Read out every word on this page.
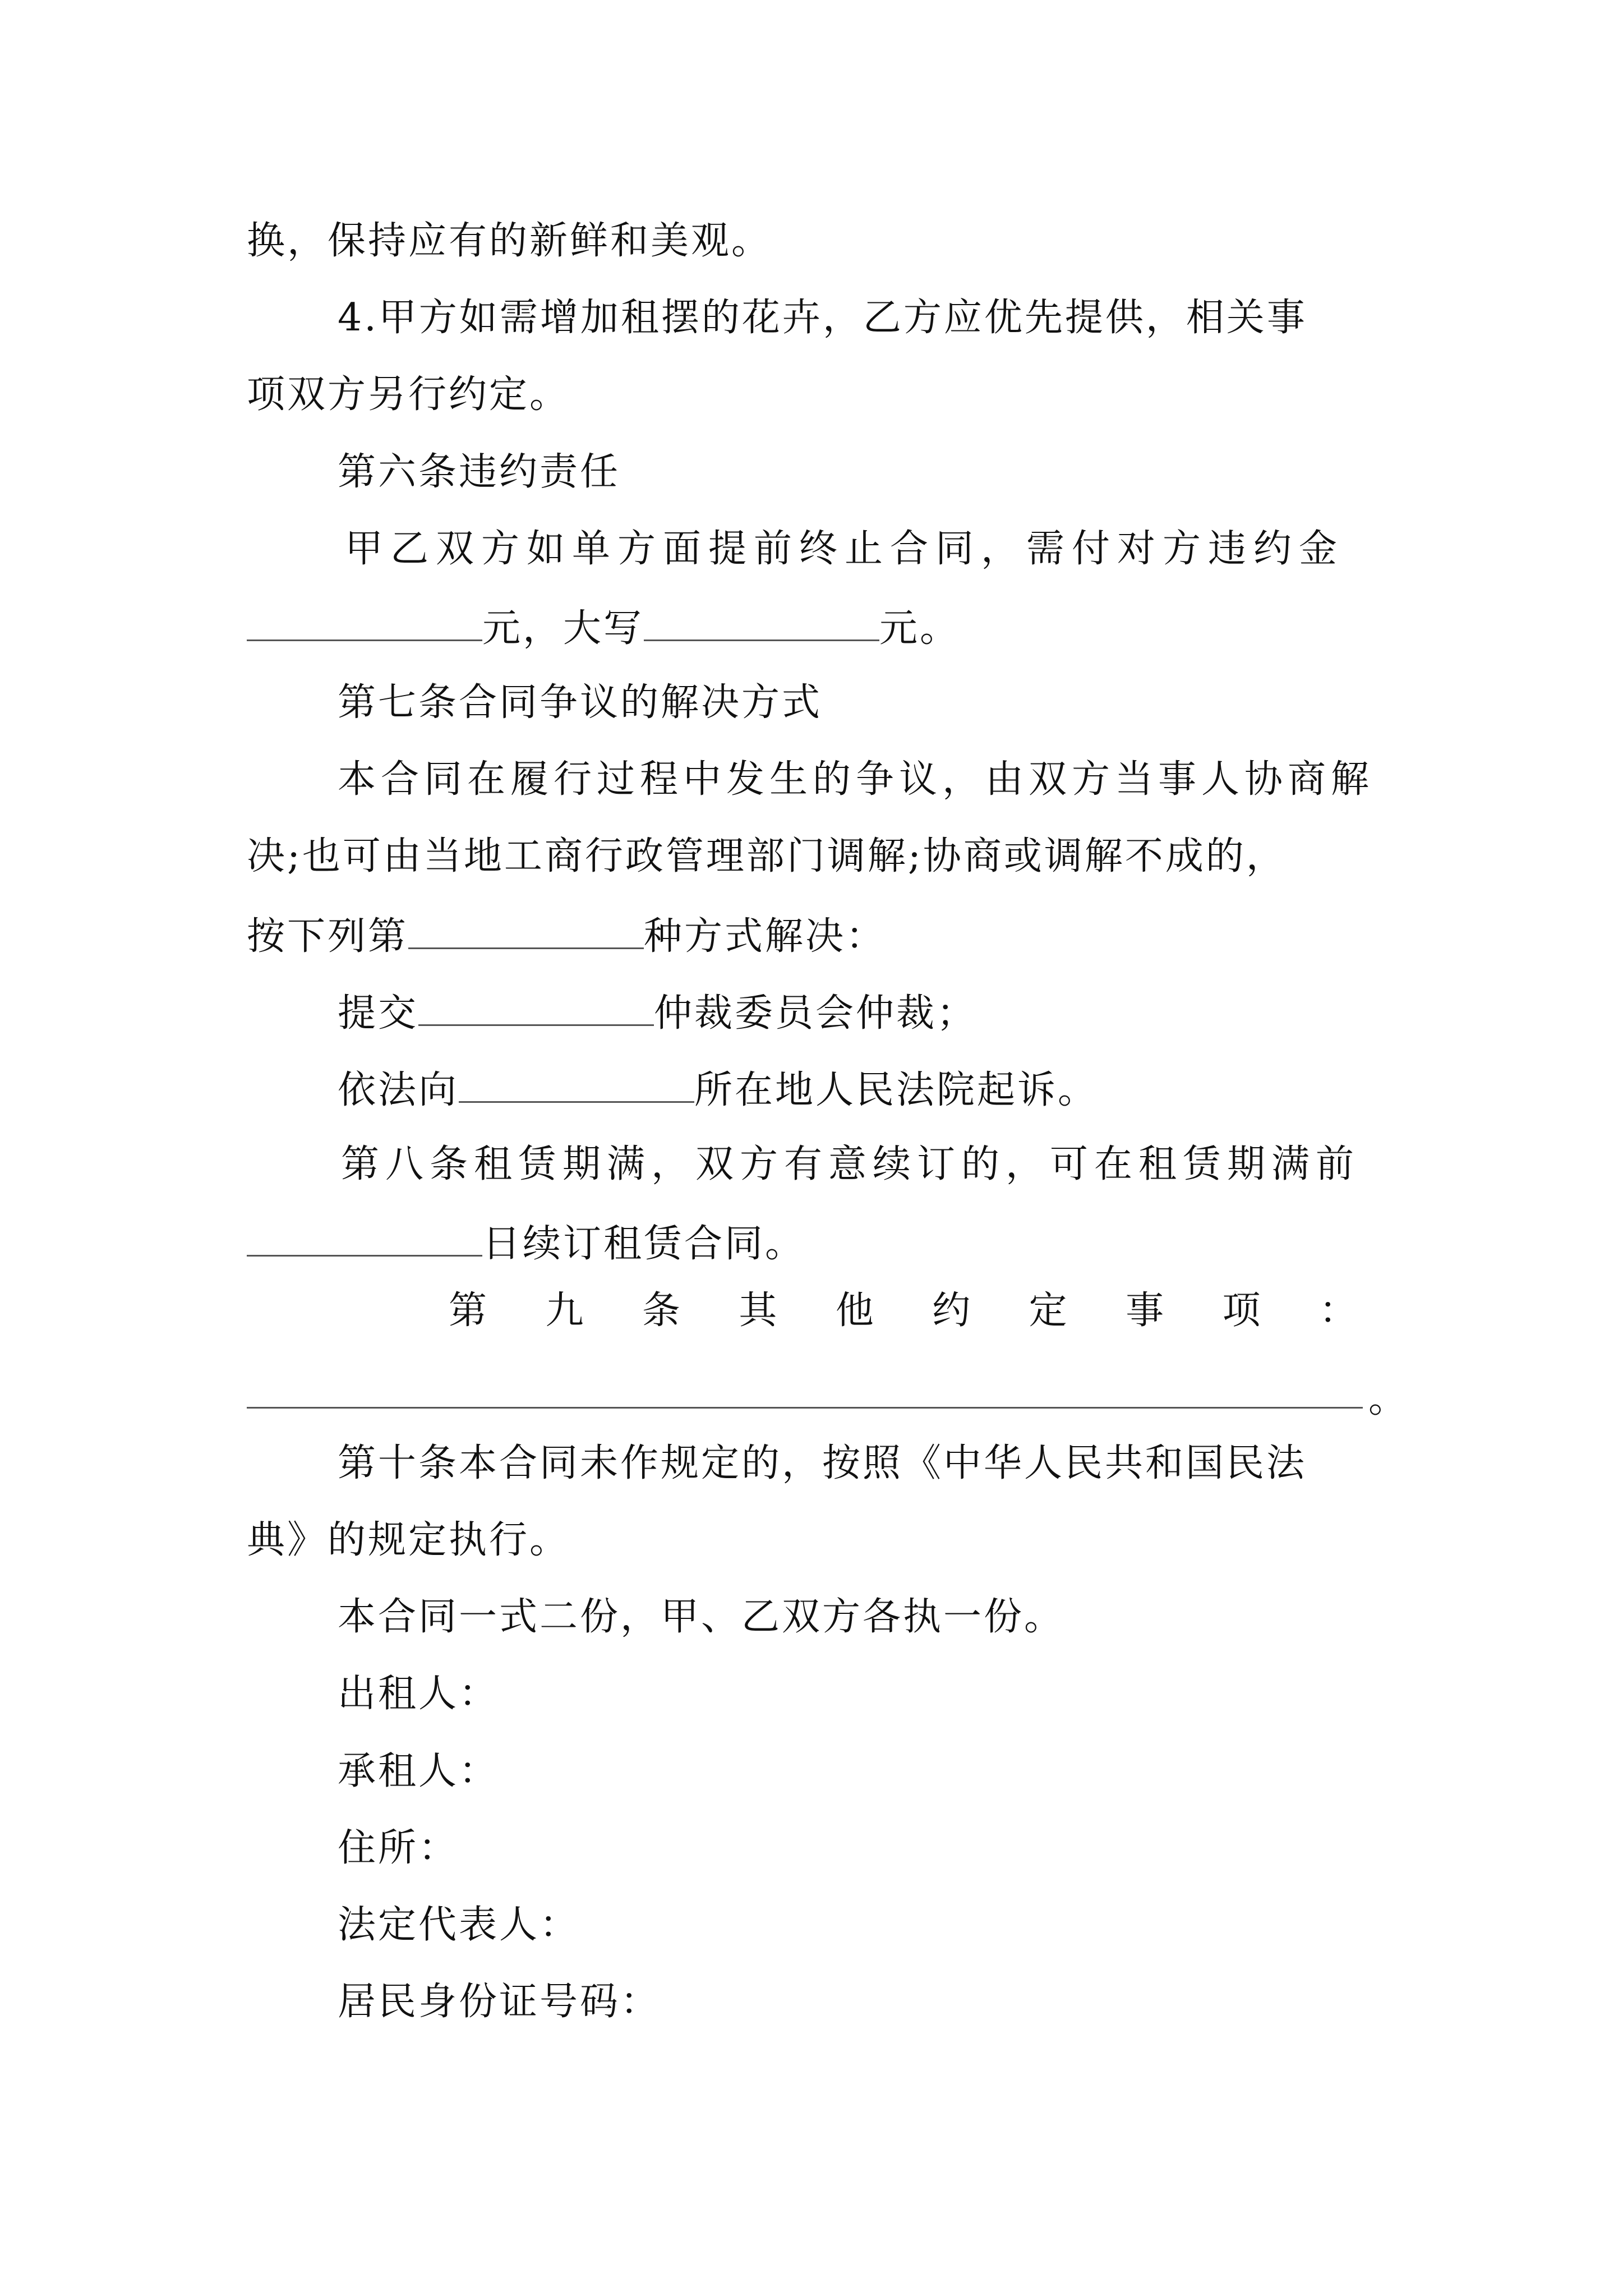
换，保持应有的新鲜和美观。
4.甲方如需增加租摆的花卉，乙方应优先提供，相关事
项双方另行约定。
第六条违约责任
甲乙双方如单方面提前终止合同，需付对方违约金
元，大写	元。
第七条合同争议的解决方式
本合同在履行过程中发生的争议，由双方当事人协商解
决;也可由当地工商行政管理部门调解;协商或调解不成的，
按下列第	种方式解决：
提交	仲裁委员会仲裁；
依法向	所在地人民法院起诉。
第八条租赁期满，双方有意续订的，可在租赁期满前
日续订租赁合同。
第 九 条 其 他 约 定 事 项 ：
。
第十条本合同未作规定的，按照《中华人民共和国民法
典》的规定执行。
本合同一式二份，甲、乙双方各执一份。
出租人：
承租人：
住所：
法定代表人：
居民身份证号码：
